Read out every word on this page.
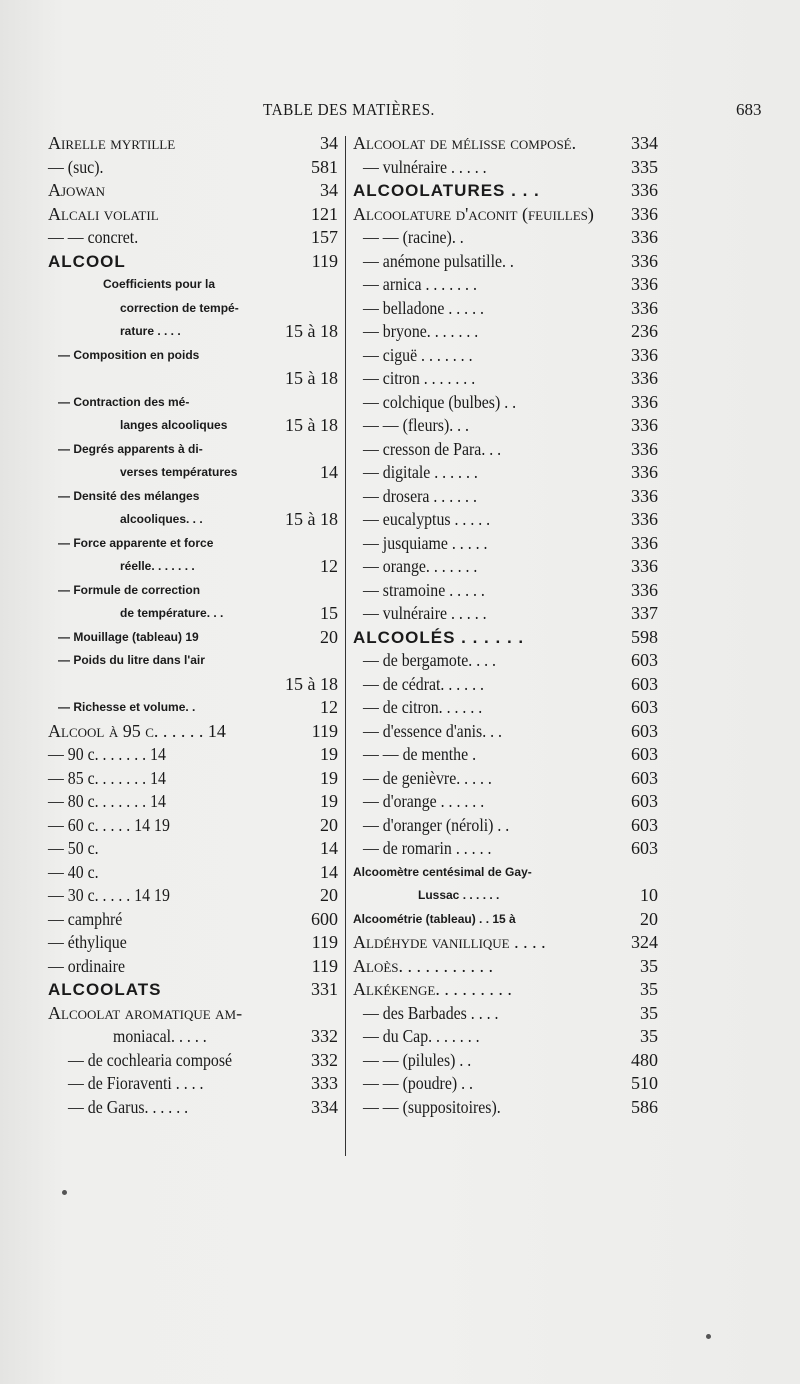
TABLE DES MATIÈRES.	683
Airelle myrtille	34
— (suc).	581
Ajowan	34
Alcali volatil	121
— — concret.	157
ALCOOL	119
Coefficients pour la
correction de tempé-
rature . . . .	15 à 18
— Composition en poids
15 à 18
— Contraction des mé-
langes alcooliques	15 à 18
— Degrés apparents à di-
verses températures	14
— Densité des mélanges
alcooliques. . .	15 à 18
— Force apparente et force
réelle. . . . . . .	12
— Formule de correction
de température. . .	15
— Mouillage (tableau) 19	20
— Poids du litre dans l'air
15 à 18
— Richesse et volume. .	12
Alcool à 95 c. . . . . . 14	119
— 90 c. . . . . . . 14	19
— 85 c. . . . . . . 14	19
— 80 c. . . . . . . 14	19
— 60 c. . . . . 14 19	20
— 50 c.	14
— 40 c.	14
— 30 c. . . . . 14 19	20
— camphré	600
— éthylique	119
— ordinaire	119
ALCOOLATS	331
Alcoolat aromatique am-
moniacal. . . . .	332
— de cochlearia composé	332
— de Fioraventi . . . .	333
— de Garus. . . . . .	334
Alcoolat de mélisse composé.	334
— vulnéraire . . . . .	335
ALCOOLATURES . . .	336
Alcoolature d'aconit (feuilles) 336
— — (racine). .	336
— anémone pulsatille. .	336
— arnica . . . . . . .	336
— belladone . . . . .	336
— bryone. . . . . . .	236
— ciguë . . . . . . .	336
— citron . . . . . . .	336
— colchique (bulbes) . .	336
— — (fleurs). . .	336
— cresson de Para. . .	336
— digitale . . . . . .	336
— drosera . . . . . .	336
— eucalyptus . . . . .	336
— jusquiame . . . . .	336
— orange. . . . . . .	336
— stramoine . . . . .	336
— vulnéraire . . . . .	337
ALCOOLÉS . . . . . .	598
— de bergamote. . . .	603
— de cédrat. . . . . .	603
— de citron. . . . . .	603
— d'essence d'anis. . .	603
— — de menthe .	603
— de genièvre. . . . .	603
— d'orange . . . . . .	603
— d'oranger (néroli) . .	603
— de romarin . . . . .	603
Alcoomètre centésimal de Gay-
Lussac . . . . . .	10
Alcoométrie (tableau) . . 15 à	20
Aldéhyde vanillique . . . .	324
Aloès. . . . . . . . . . .	35
Alkékenge. . . . . . . . .	35
— des Barbades . . . .	35
— du Cap. . . . . . .	35
— — (pilules) . .	480
— — (poudre) . .	510
— — (suppositoires).	586
